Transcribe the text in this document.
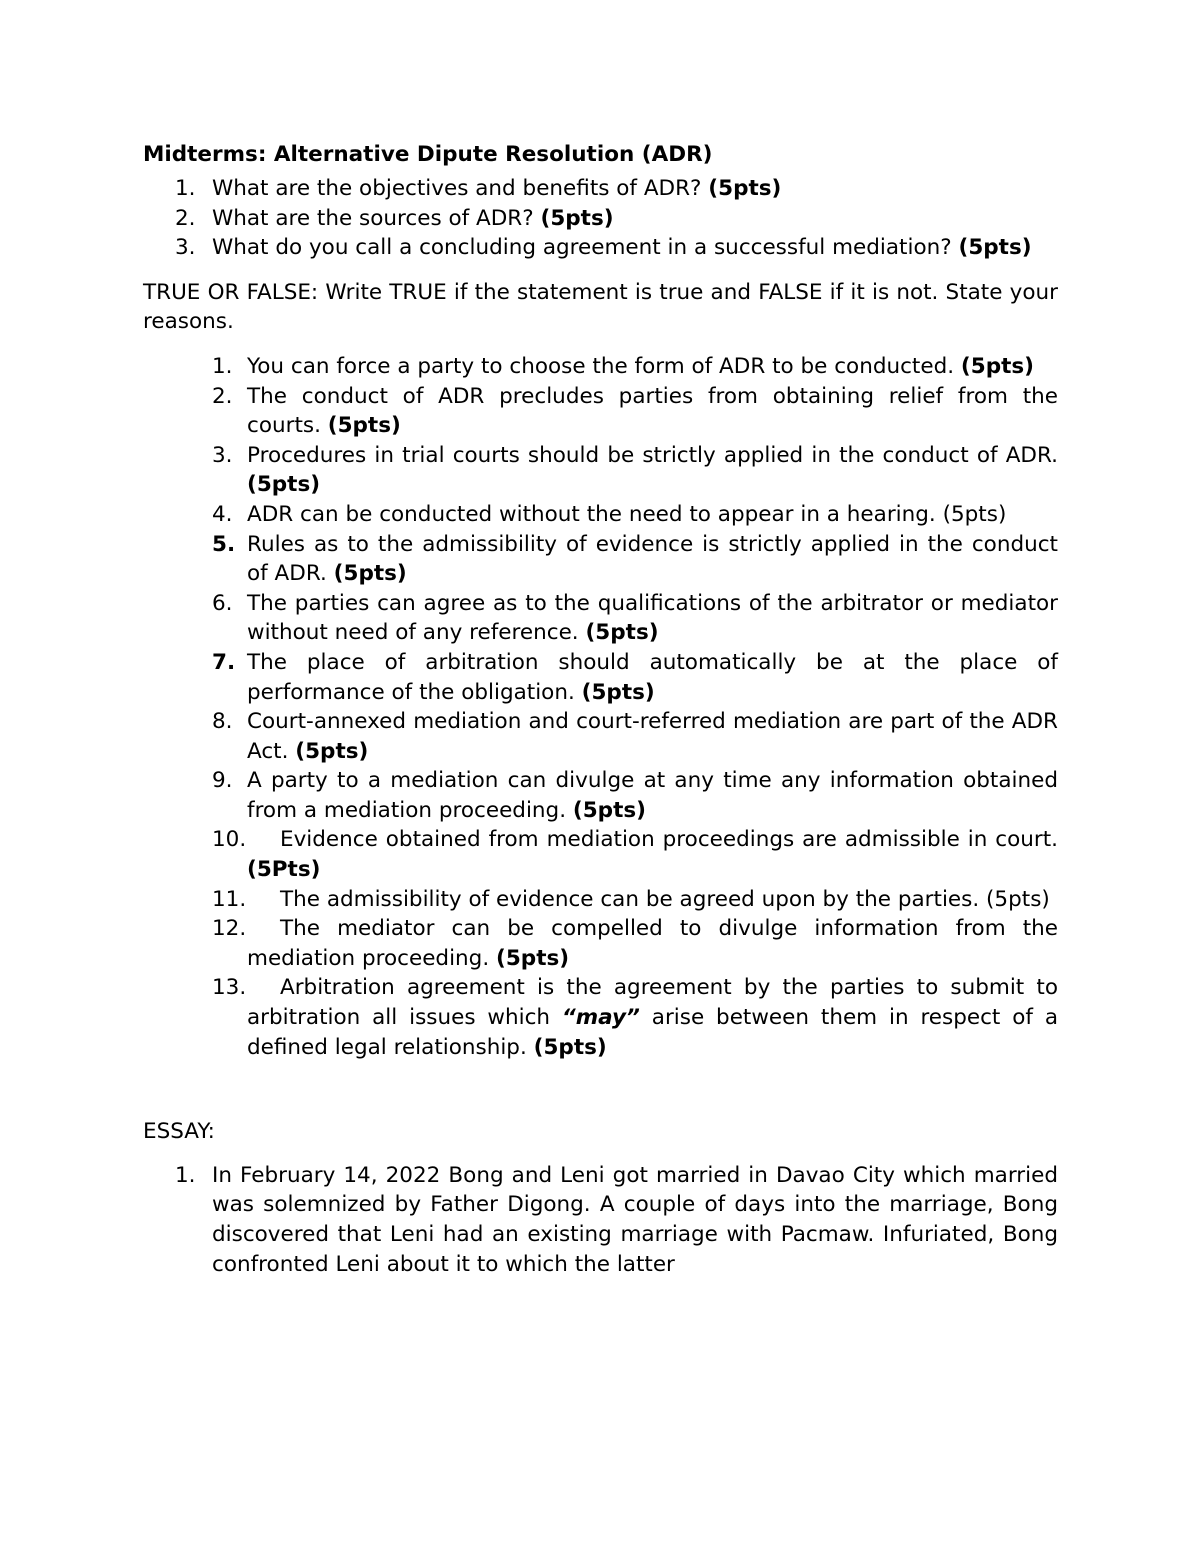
Midterms: Alternative Dipute Resolution (ADR)
1. What are the objectives and benefits of ADR? (5pts)
2. What are the sources of ADR? (5pts)
3. What do you call a concluding agreement in a successful mediation? (5pts)
TRUE OR FALSE: Write TRUE if the statement is true and FALSE if it is not. State your reasons.
1. You can force a party to choose the form of ADR to be conducted. (5pts)
2. The conduct of ADR precludes parties from obtaining relief from the courts. (5pts)
3. Procedures in trial courts should be strictly applied in the conduct of ADR. (5pts)
4. ADR can be conducted without the need to appear in a hearing. (5pts)
5. Rules as to the admissibility of evidence is strictly applied in the conduct of ADR. (5pts)
6. The parties can agree as to the qualifications of the arbitrator or mediator without need of any reference. (5pts)
7. The place of arbitration should automatically be at the place of performance of the obligation. (5pts)
8. Court-annexed mediation and court-referred mediation are part of the ADR Act. (5pts)
9. A party to a mediation can divulge at any time any information obtained from a mediation proceeding. (5pts)
10. Evidence obtained from mediation proceedings are admissible in court. (5Pts)
11. The admissibility of evidence can be agreed upon by the parties. (5pts)
12. The mediator can be compelled to divulge information from the mediation proceeding. (5pts)
13. Arbitration agreement is the agreement by the parties to submit to arbitration all issues which “may” arise between them in respect of a defined legal relationship. (5pts)
ESSAY:
1. In February 14, 2022 Bong and Leni got married in Davao City which married was solemnized by Father Digong. A couple of days into the marriage, Bong discovered that Leni had an existing marriage with Pacmaw. Infuriated, Bong confronted Leni about it to which the latter
